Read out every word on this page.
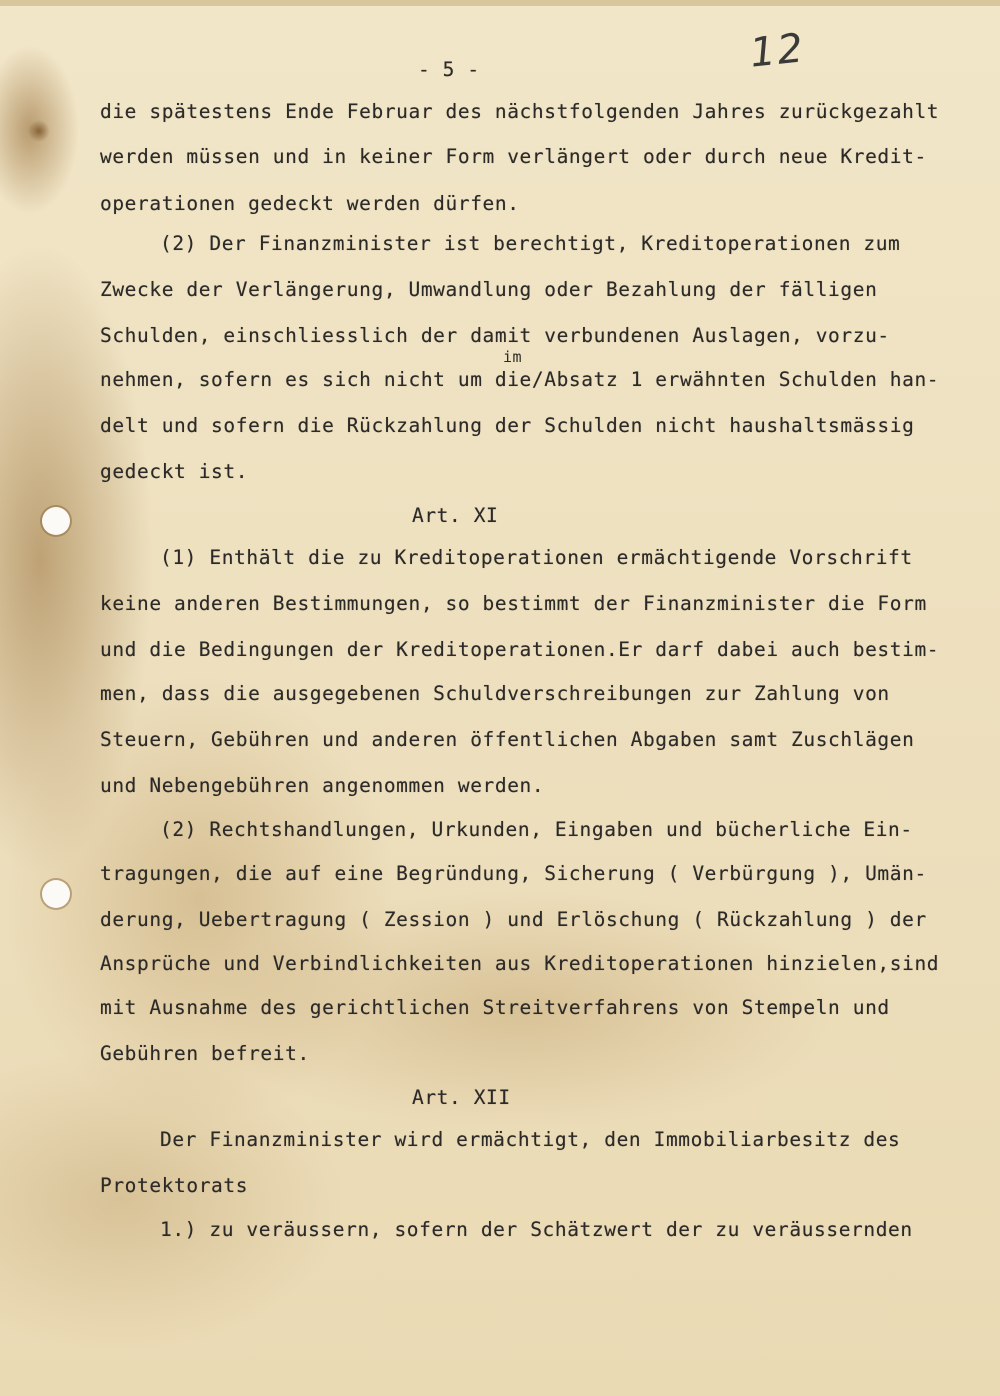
- 5 -	12
die spätestens Ende Februar des nächstfolgenden Jahres zurückgezahlt
werden müssen und in keiner Form verlängert oder durch neue Kredit-
operationen gedeckt werden dürfen.
(2) Der Finanzminister ist berechtigt, Kreditoperationen zum
Zwecke der Verlängerung, Umwandlung oder Bezahlung der fälligen
Schulden, einschliesslich der damit verbundenen Auslagen, vorzu-
im
nehmen, sofern es sich nicht um die/Absatz 1 erwähnten Schulden han-
delt und sofern die Rückzahlung der Schulden nicht haushaltsmässig
gedeckt ist.
Art. XI
(1) Enthält die zu Kreditoperationen ermächtigende Vorschrift
keine anderen Bestimmungen, so bestimmt der Finanzminister die Form
und die Bedingungen der Kreditoperationen.Er darf dabei auch bestim-
men, dass die ausgegebenen Schuldverschreibungen zur Zahlung von
Steuern, Gebühren und anderen öffentlichen Abgaben samt Zuschlägen
und Nebengebühren angenommen werden.
(2) Rechtshandlungen, Urkunden, Eingaben und bücherliche Ein-
tragungen, die auf eine Begründung, Sicherung ( Verbürgung ), Umän-
derung, Uebertragung ( Zession ) und Erlöschung ( Rückzahlung ) der
Ansprüche und Verbindlichkeiten aus Kreditoperationen hinzielen,sind
mit Ausnahme des gerichtlichen Streitverfahrens von Stempeln und
Gebühren befreit.
Art. XII
Der Finanzminister wird ermächtigt, den Immobiliarbesitz des
Protektorats
1.) zu veräussern, sofern der Schätzwert der zu veräussernden
